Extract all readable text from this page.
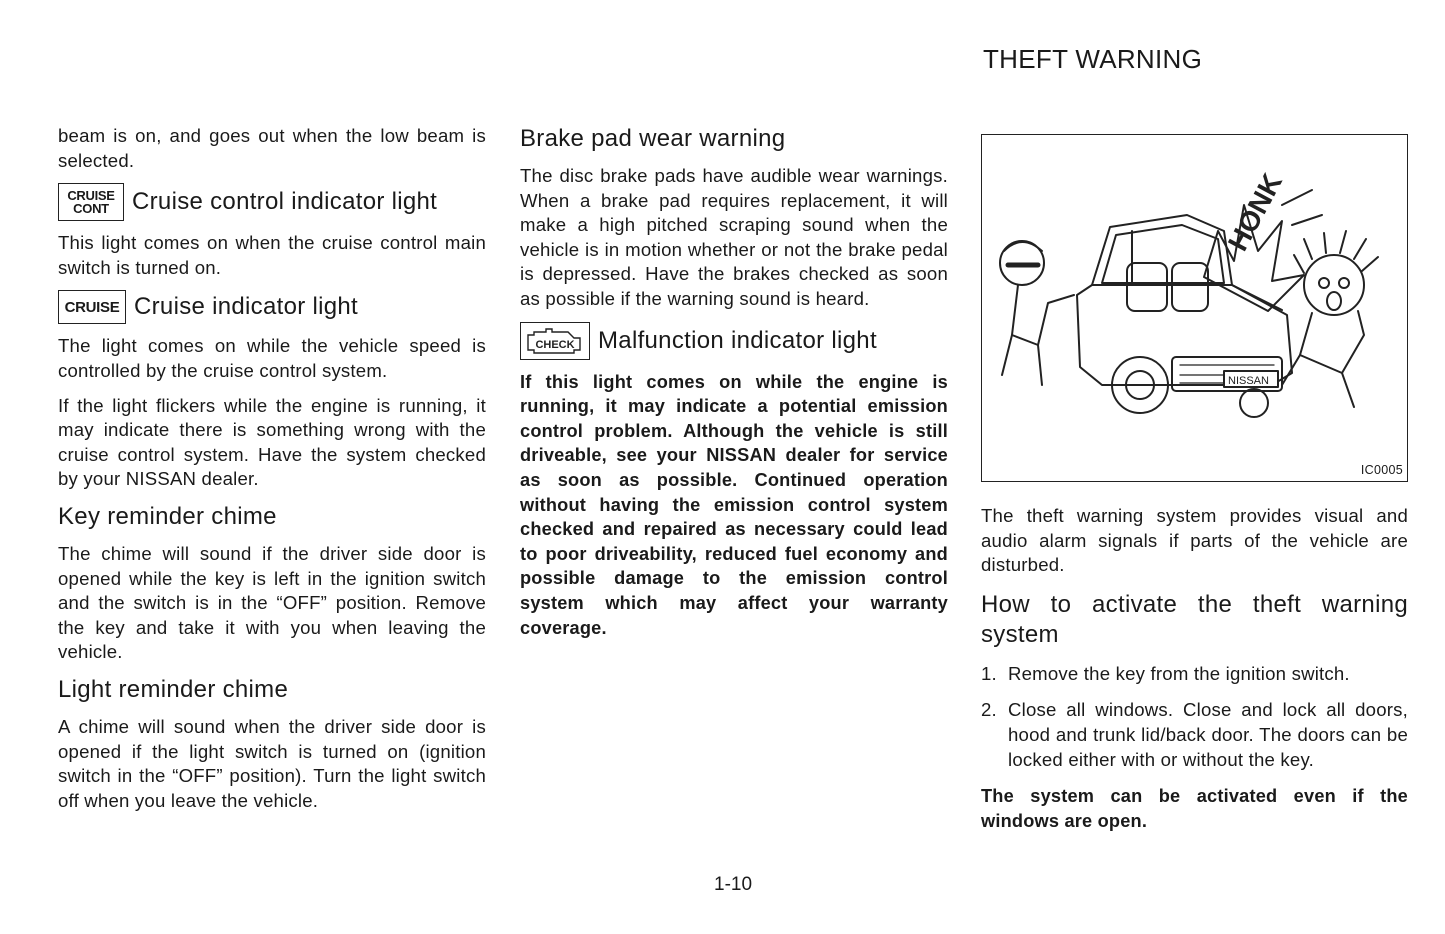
THEFT WARNING

beam is on, and goes out when the low beam is selected.

CRUISE
CONT Cruise control indicator light

This light comes on when the cruise control main switch is turned on.

CRUISE Cruise indicator light

The light comes on while the vehicle speed is controlled by the cruise control system.

If the light flickers while the engine is running, it may indicate there is something wrong with the cruise control system. Have the system checked by your NISSAN dealer.

Key reminder chime

The chime will sound if the driver side door is opened while the key is left in the ignition switch and the switch is in the “OFF” position. Remove the key and take it with you when leaving the vehicle.

Light reminder chime

A chime will sound when the driver side door is opened if the light switch is turned on (ignition switch in the “OFF” position). Turn the light switch off when you leave the vehicle.

Brake pad wear warning

The disc brake pads have audible wear warnings. When a brake pad requires replacement, it will make a high pitched scraping sound when the vehicle is in motion whether or not the brake pedal is depressed. Have the brakes checked as soon as possible if the warning sound is heard.

CHECK Malfunction indicator light

If this light comes on while the engine is running, it may indicate a potential emission control problem. Although the vehicle is still driveable, see your NISSAN dealer for service as soon as possible. Continued operation without having the emission control system checked and repaired as necessary could lead to poor driveability, reduced fuel economy and possible damage to the emission control system which may affect your warranty coverage.

HONK
NISSAN
IC0005

The theft warning system provides visual and audio alarm signals if parts of the vehicle are disturbed.

How to activate the theft warning system
1. Remove the key from the ignition switch.
2. Close all windows. Close and lock all doors, hood and trunk lid/back door. The doors can be locked either with or without the key.

The system can be activated even if the windows are open.

1-10
